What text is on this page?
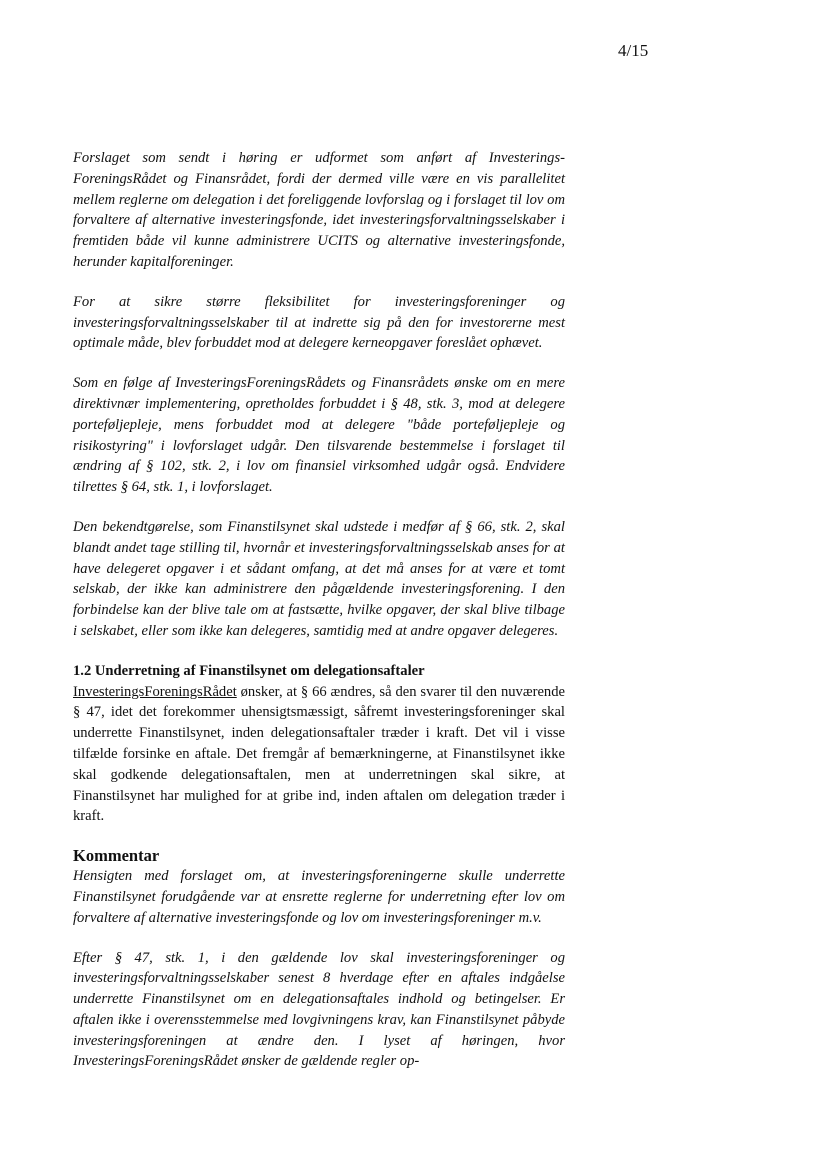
4/15

Forslaget som sendt i høring er udformet som anført af Investerings-ForeningsRådet og Finansrådet, fordi der dermed ville være en vis parallelitet mellem reglerne om delegation i det foreliggende lovforslag og i forslaget til lov om forvaltere af alternative investeringsfonde, idet investeringsforvaltningsselskaber i fremtiden både vil kunne administrere UCITS og alternative investeringsfonde, herunder kapitalforeninger.

For at sikre større fleksibilitet for investeringsforeninger og investeringsforvaltningsselskaber til at indrette sig på den for investorerne mest optimale måde, blev forbuddet mod at delegere kerneopgaver foreslået ophævet.

Som en følge af InvesteringsForeningsRådets og Finansrådets ønske om en mere direktivnær implementering, opretholdes forbuddet i § 48, stk. 3, mod at delegere porteføljepleje, mens forbuddet mod at delegere "både porteføljepleje og risikostyring" i lovforslaget udgår. Den tilsvarende bestemmelse i forslaget til ændring af § 102, stk. 2, i lov om finansiel virksomhed udgår også. Endvidere tilrettes § 64, stk. 1, i lovforslaget.

Den bekendtgørelse, som Finanstilsynet skal udstede i medfør af § 66, stk. 2, skal blandt andet tage stilling til, hvornår et investeringsforvaltningsselskab anses for at have delegeret opgaver i et sådant omfang, at det må anses for at være et tomt selskab, der ikke kan administrere den pågældende investeringsforening. I den forbindelse kan der blive tale om at fastsætte, hvilke opgaver, der skal blive tilbage i selskabet, eller som ikke kan delegeres, samtidig med at andre opgaver delegeres.

1.2 Underretning af Finanstilsynet om delegationsaftaler

InvesteringsForeningsRådet ønsker, at § 66 ændres, så den svarer til den nuværende § 47, idet det forekommer uhensigtsmæssigt, såfremt investeringsforeninger skal underrette Finanstilsynet, inden delegationsaftaler træder i kraft. Det vil i visse tilfælde forsinke en aftale. Det fremgår af bemærkningerne, at Finanstilsynet ikke skal godkende delegationsaftalen, men at underretningen skal sikre, at Finanstilsynet har mulighed for at gribe ind, inden aftalen om delegation træder i kraft.

Kommentar

Hensigten med forslaget om, at investeringsforeningerne skulle underrette Finanstilsynet forudgående var at ensrette reglerne for underretning efter lov om forvaltere af alternative investeringsfonde og lov om investeringsforeninger m.v.

Efter § 47, stk. 1, i den gældende lov skal investeringsforeninger og investeringsforvaltningsselskaber senest 8 hverdage efter en aftales indgåelse underrette Finanstilsynet om en delegationsaftales indhold og betingelser. Er aftalen ikke i overensstemmelse med lovgivningens krav, kan Finanstilsynet påbyde investeringsforeningen at ændre den. I lyset af høringen, hvor InvesteringsForeningsRådet ønsker de gældende regler op-
